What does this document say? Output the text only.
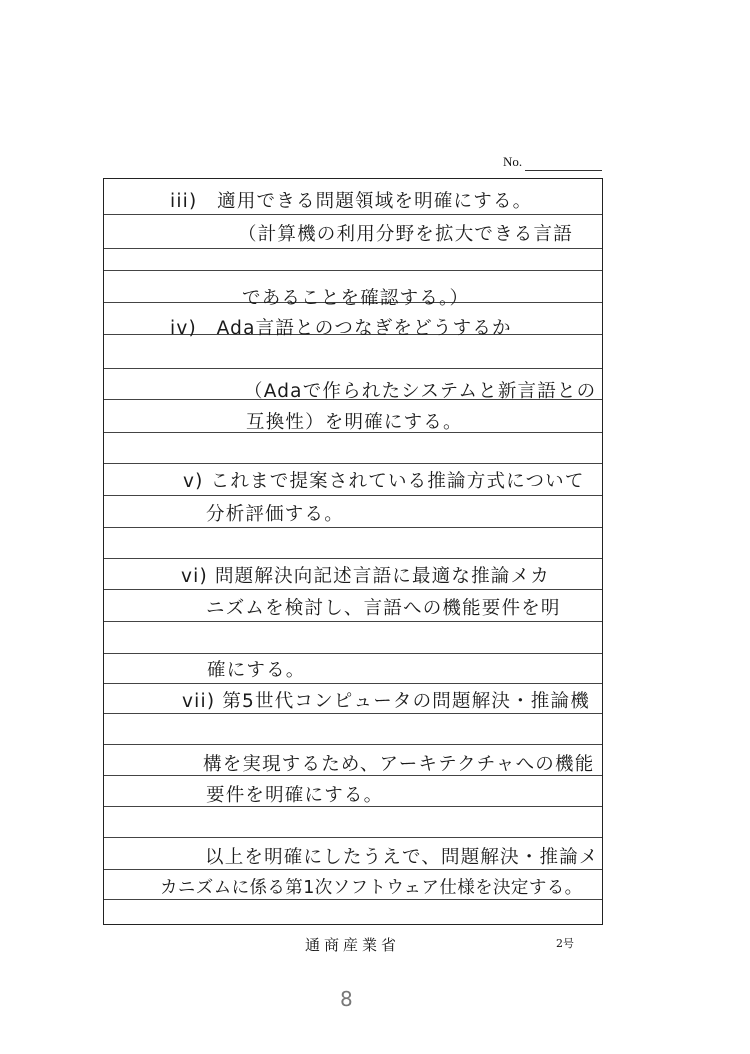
No.
iii)　適用できる問題領域を明確にする。
（計算機の利用分野を拡大できる言語
であることを確認する。）
iv)　Ada言語とのつなぎをどうするか
（Adaで作られたシステムと新言語との
互換性）を明確にする。
v) これまで提案されている推論方式について
分析評価する。
vi) 問題解決向記述言語に最適な推論メカ
ニズムを検討し、言語への機能要件を明
確にする。
vii) 第5世代コンピュータの問題解決・推論機
構を実現するため、アーキテクチャへの機能
要件を明確にする。
以上を明確にしたうえで、問題解決・推論メ
カニズムに係る第1次ソフトウェア仕様を決定する。
通商産業省	2号
8
